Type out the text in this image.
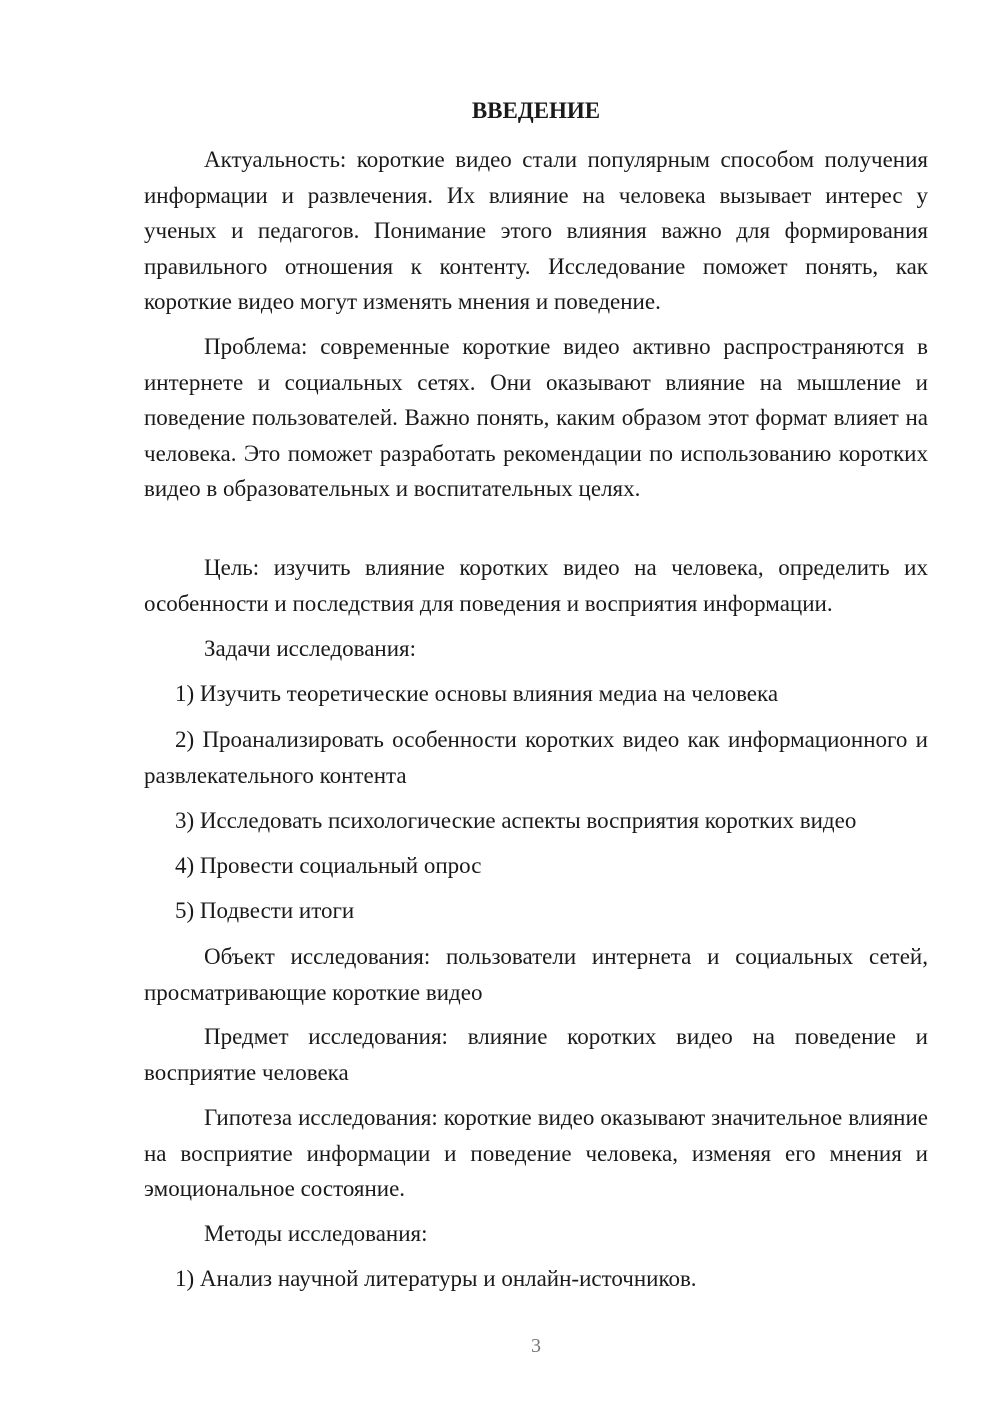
ВВЕДЕНИЕ

Актуальность: короткие видео стали популярным способом получения информации и развлечения. Их влияние на человека вызывает интерес у ученых и педагогов. Понимание этого влияния важно для формирования правильного отношения к контенту. Исследование поможет понять, как короткие видео могут изменять мнения и поведение.

Проблема: современные короткие видео активно распространяются в интернете и социальных сетях. Они оказывают влияние на мышление и поведение пользователей. Важно понять, каким образом этот формат влияет на человека. Это поможет разработать рекомендации по использованию коротких видео в образовательных и воспитательных целях.

Цель: изучить влияние коротких видео на человека, определить их особенности и последствия для поведения и восприятия информации.

Задачи исследования:

1) Изучить теоретические основы влияния медиа на человека

2) Проанализировать особенности коротких видео как информационного и развлекательного контента

3) Исследовать психологические аспекты восприятия коротких видео

4) Провести социальный опрос

5) Подвести итоги

Объект исследования: пользователи интернета и социальных сетей, просматривающие короткие видео

Предмет исследования: влияние коротких видео на поведение и восприятие человека

Гипотеза исследования: короткие видео оказывают значительное влияние на восприятие информации и поведение человека, изменяя его мнения и эмоциональное состояние.

Методы исследования:

1) Анализ научной литературы и онлайн-источников.

3
